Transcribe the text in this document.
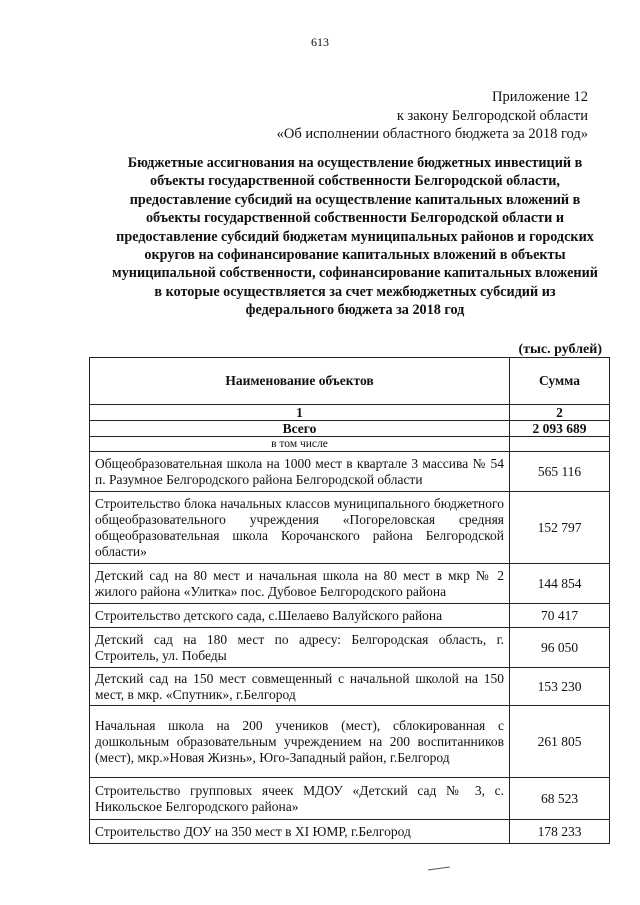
613
Приложение 12
к закону Белгородской области
«Об исполнении областного бюджета за 2018 год»
Бюджетные ассигнования на осуществление бюджетных инвестиций в
объекты государственной собственности Белгородской области,
предоставление субсидий на осуществление капитальных вложений в
объекты государственной собственности Белгородской области и
предоставление субсидий бюджетам муниципальных районов и городских
округов на софинансирование капитальных вложений в объекты
муниципальной собственности, софинансирование капитальных вложений
в которые осуществляется за счет межбюджетных субсидий из
федерального бюджета за 2018 год
(тыс. рублей)
Наименование объектов	Сумма
1	2
Всего	2 093 689
в том числе	
Общеобразовательная школа на 1000 мест в квартале 3 массива № 54 п. Разумное Белгородского района Белгородской области	565 116
Строительство блока начальных классов муниципального бюджетного общеобразовательного учреждения «Погореловская средняя общеобразовательная школа Корочанского района Белгородской области»	152 797
Детский сад на 80 мест и начальная школа на 80 мест в мкр № 2 жилого района «Улитка» пос. Дубовое Белгородского района	144 854
Строительство детского сада, с.Шелаево Валуйского района	70 417
Детский сад на 180 мест по адресу: Белгородская область, г. Строитель, ул. Победы	96 050
Детский сад на 150 мест совмещенный с начальной школой на 150 мест, в мкр. «Спутник», г.Белгород	153 230
Начальная школа на 200 учеников (мест), сблокированная с дошкольным образовательным учреждением на 200 воспитанников (мест), мкр.»Новая Жизнь», Юго-Западный район, г.Белгород	261 805
Строительство групповых ячеек МДОУ «Детский сад № 3, с. Никольское Белгородского района»	68 523
Строительство ДОУ на 350 мест в XI ЮМР, г.Белгород	178 233
